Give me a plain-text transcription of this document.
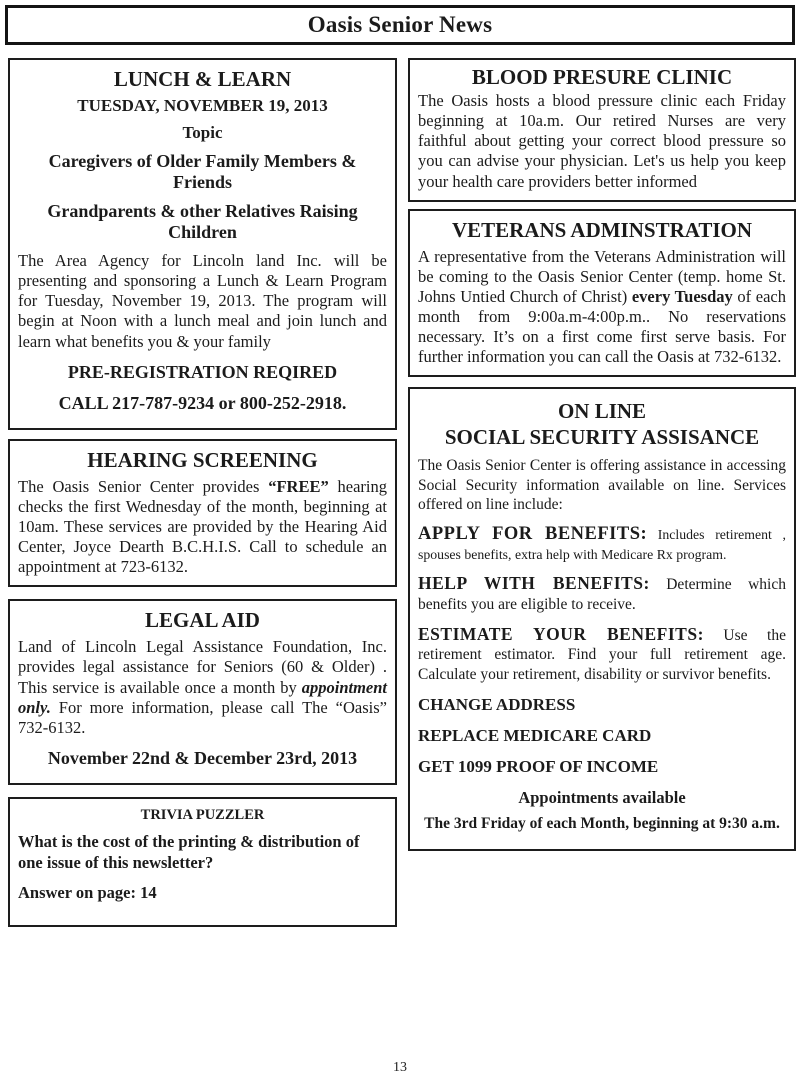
Oasis Senior News
LUNCH & LEARN

TUESDAY, NOVEMBER 19, 2013

Topic

Caregivers of Older Family Members & Friends

Grandparents & other Relatives Raising Children

The Area Agency for Lincoln land Inc. will be presenting and sponsoring a Lunch & Learn Program for Tuesday, November 19, 2013. The program will begin at Noon with a lunch meal and join lunch and learn what benefits you & your family

PRE-REGISTRATION REQIRED

CALL 217-787-9234 or 800-252-2918.

HEARING SCREENING

The Oasis Senior Center provides “FREE” hearing checks the first Wednesday of the month, beginning at 10am. These services are provided by the Hearing Aid Center, Joyce Dearth B.C.H.I.S. Call to schedule an appointment at 723-6132.

LEGAL AID

Land of Lincoln Legal Assistance Foundation, Inc. provides legal assistance for Seniors (60 & Older) . This service is available once a month by appointment only. For more information, please call The “Oasis” 732-6132.

November 22nd & December 23rd, 2013

TRIVIA PUZZLER

What is the cost of the printing & distribution of one issue of this newsletter?

Answer on page: 14

BLOOD PRESURE CLINIC

The Oasis hosts a blood pressure clinic each Friday beginning at 10a.m. Our retired Nurses are very faithful about getting your correct blood pressure so you can advise your physician. Let's us help you keep your health care providers better informed

VETERANS ADMINSTRATION

A representative from the Veterans Administration will be coming to the Oasis Senior Center (temp. home St. Johns Untied Church of Christ) every Tuesday of each month from 9:00a.m-4:00p.m.. No reservations necessary. It’s on a first come first serve basis. For further information you can call the Oasis at 732-6132.

ON LINE
SOCIAL SECURITY ASSISANCE

The Oasis Senior Center is offering assistance in accessing Social Security information available on line. Services offered on line include:

APPLY FOR BENEFITS: Includes retirement , spouses benefits, extra help with Medicare Rx program.

HELP WITH BENEFITS: Determine which benefits you are eligible to receive.

ESTIMATE YOUR BENEFITS: Use the retirement estimator. Find your full retirement age. Calculate your retirement, disability or survivor benefits.

CHANGE ADDRESS

REPLACE MEDICARE CARD

GET 1099 PROOF OF INCOME

Appointments available

The 3rd Friday of each Month, beginning at 9:30 a.m.

13
